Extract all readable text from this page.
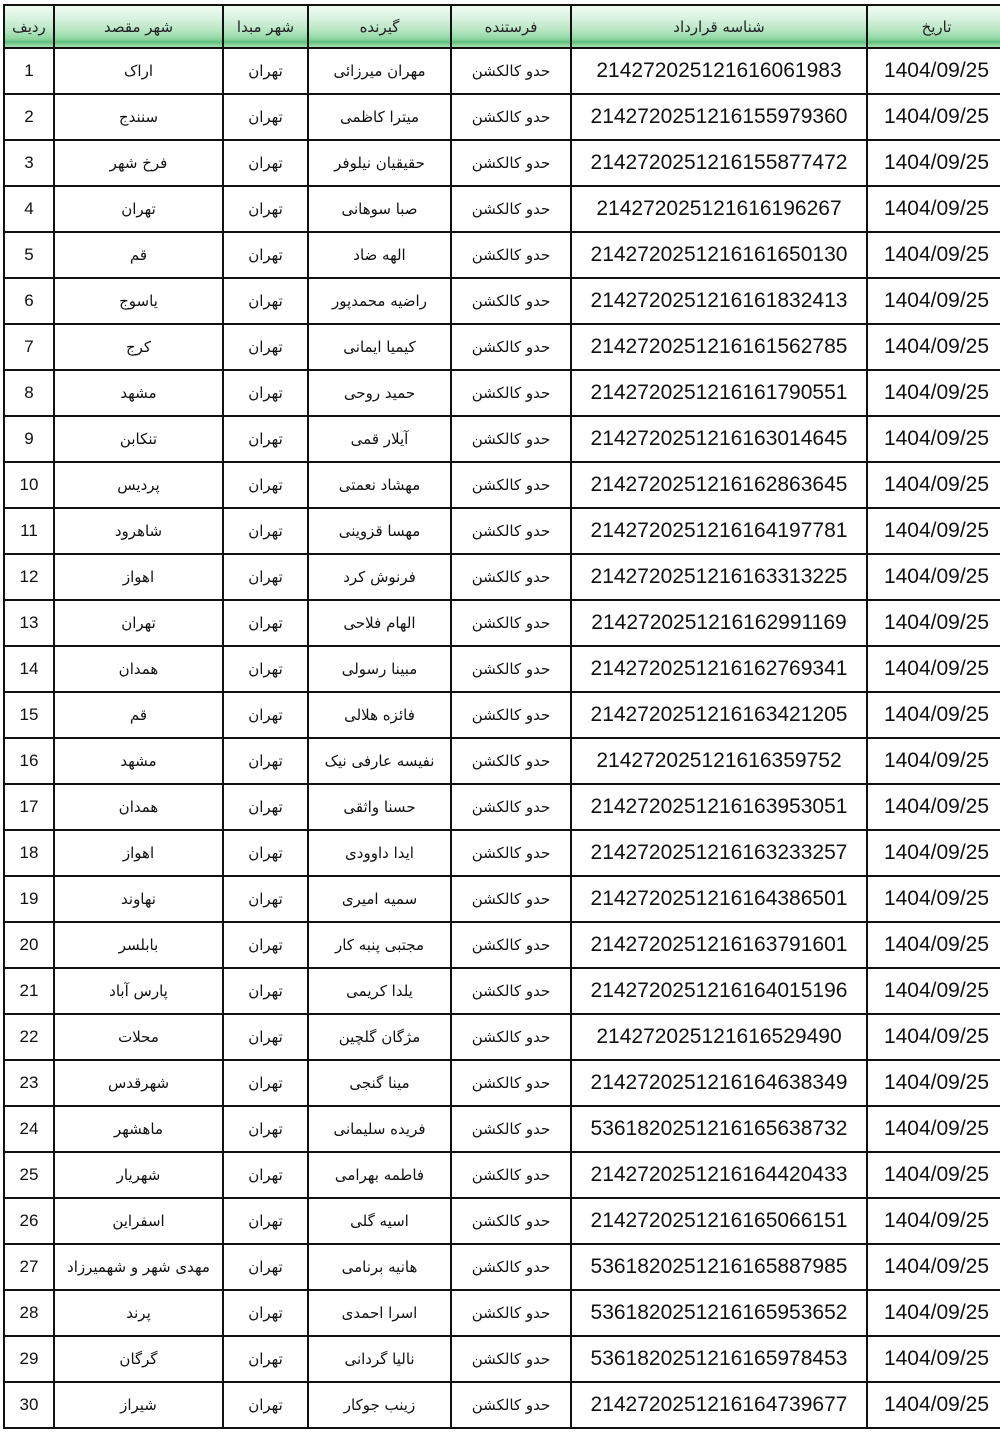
ردیف	شهر مقصد	شهر مبدا	گیرنده	فرستنده	شناسه قرارداد	تاریخ
1	اراک	تهران	مهران میرزائی	حدو کالکشن	214272025121616061983	1404/09/25
2	سنندج	تهران	میترا کاظمی	حدو کالکشن	2142720251216155979360	1404/09/25
3	فرخ شهر	تهران	حقیقیان نیلوفر	حدو کالکشن	2142720251216155877472	1404/09/25
4	تهران	تهران	صبا سوهانی	حدو کالکشن	214272025121616196267	1404/09/25
5	قم	تهران	الهه ضاد	حدو کالکشن	2142720251216161650130	1404/09/25
6	یاسوج	تهران	راضیه محمدپور	حدو کالکشن	2142720251216161832413	1404/09/25
7	کرج	تهران	کیمیا ایمانی	حدو کالکشن	2142720251216161562785	1404/09/25
8	مشهد	تهران	حمید روحی	حدو کالکشن	2142720251216161790551	1404/09/25
9	تنکابن	تهران	آیلار قمی	حدو کالکشن	2142720251216163014645	1404/09/25
10	پردیس	تهران	مهشاد نعمتی	حدو کالکشن	2142720251216162863645	1404/09/25
11	شاهرود	تهران	مهسا قزوینی	حدو کالکشن	2142720251216164197781	1404/09/25
12	اهواز	تهران	فرنوش کرد	حدو کالکشن	2142720251216163313225	1404/09/25
13	تهران	تهران	الهام فلاحی	حدو کالکشن	2142720251216162991169	1404/09/25
14	همدان	تهران	مبینا رسولی	حدو کالکشن	2142720251216162769341	1404/09/25
15	قم	تهران	فائزه هلالی	حدو کالکشن	2142720251216163421205	1404/09/25
16	مشهد	تهران	نفیسه عارفی نیک	حدو کالکشن	214272025121616359752	1404/09/25
17	همدان	تهران	حسنا واثقی	حدو کالکشن	2142720251216163953051	1404/09/25
18	اهواز	تهران	ایدا داوودی	حدو کالکشن	2142720251216163233257	1404/09/25
19	نهاوند	تهران	سمیه امیری	حدو کالکشن	2142720251216164386501	1404/09/25
20	بابلسر	تهران	مجتبی پنبه کار	حدو کالکشن	2142720251216163791601	1404/09/25
21	پارس آباد	تهران	یلدا کریمی	حدو کالکشن	2142720251216164015196	1404/09/25
22	محلات	تهران	مژگان گلچین	حدو کالکشن	214272025121616529490	1404/09/25
23	شهرقدس	تهران	مینا گنجی	حدو کالکشن	2142720251216164638349	1404/09/25
24	ماهشهر	تهران	فریده سلیمانی	حدو کالکشن	5361820251216165638732	1404/09/25
25	شهریار	تهران	فاطمه بهرامی	حدو کالکشن	2142720251216164420433	1404/09/25
26	اسفراین	تهران	اسیه گلی	حدو کالکشن	2142720251216165066151	1404/09/25
27	مهدی شهر و شهمیرزاد	تهران	هانیه برنامی	حدو کالکشن	5361820251216165887985	1404/09/25
28	پرند	تهران	اسرا احمدی	حدو کالکشن	5361820251216165953652	1404/09/25
29	گرگان	تهران	نالیا گردانی	حدو کالکشن	5361820251216165978453	1404/09/25
30	شیراز	تهران	زینب جوکار	حدو کالکشن	2142720251216164739677	1404/09/25
